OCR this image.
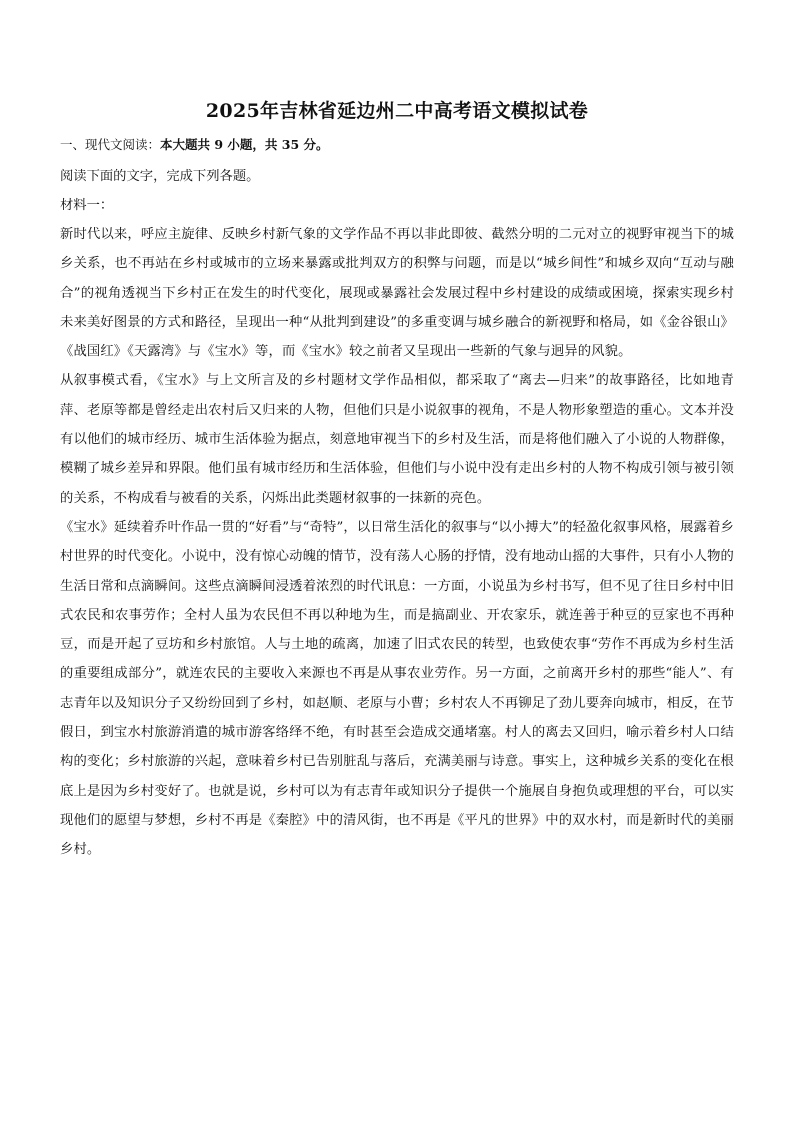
2025年吉林省延边州二中高考语文模拟试卷

一、现代文阅读：本大题共 9 小题，共 35 分。

阅读下面的文字，完成下列各题。

材料一：

新时代以来，呼应主旋律、反映乡村新气象的文学作品不再以非此即彼、截然分明的二元对立的视野审视当下的城乡关系，也不再站在乡村或城市的立场来暴露或批判双方的积弊与问题，而是以“城乡间性”和城乡双向“互动与融合”的视角透视当下乡村正在发生的时代变化，展现或暴露社会发展过程中乡村建设的成绩或困境，探索实现乡村未来美好图景的方式和路径，呈现出一种“从批判到建设”的多重变调与城乡融合的新视野和格局，如《金谷银山》《战国红》《天露湾》与《宝水》等，而《宝水》较之前者又呈现出一些新的气象与迥异的风貌。

从叙事模式看，《宝水》与上文所言及的乡村题材文学作品相似，都采取了“离去—归来”的故事路径，比如地青萍、老原等都是曾经走出农村后又归来的人物，但他们只是小说叙事的视角，不是人物形象塑造的重心。文本并没有以他们的城市经历、城市生活体验为据点，刻意地审视当下的乡村及生活，而是将他们融入了小说的人物群像，模糊了城乡差异和界限。他们虽有城市经历和生活体验，但他们与小说中没有走出乡村的人物不构成引领与被引领的关系，不构成看与被看的关系，闪烁出此类题材叙事的一抹新的亮色。

《宝水》延续着乔叶作品一贯的“好看”与“奇特”，以日常生活化的叙事与“以小搏大”的轻盈化叙事风格，展露着乡村世界的时代变化。小说中，没有惊心动魄的情节，没有荡人心肠的抒情，没有地动山摇的大事件，只有小人物的生活日常和点滴瞬间。这些点滴瞬间浸透着浓烈的时代讯息：一方面，小说虽为乡村书写，但不见了往日乡村中旧式农民和农事劳作；全村人虽为农民但不再以种地为生，而是搞副业、开农家乐，就连善于种豆的豆家也不再种豆，而是开起了豆坊和乡村旅馆。人与土地的疏离，加速了旧式农民的转型，也致使农事“劳作不再成为乡村生活的重要组成部分”，就连农民的主要收入来源也不再是从事农业劳作。另一方面，之前离开乡村的那些“能人”、有志青年以及知识分子又纷纷回到了乡村，如赵顺、老原与小曹；乡村农人不再铆足了劲儿要奔向城市，相反，在节假日，到宝水村旅游消遣的城市游客络绎不绝，有时甚至会造成交通堵塞。村人的离去又回归，喻示着乡村人口结构的变化；乡村旅游的兴起，意味着乡村已告别脏乱与落后，充满美丽与诗意。事实上，这种城乡关系的变化在根底上是因为乡村变好了。也就是说，乡村可以为有志青年或知识分子提供一个施展自身抱负或理想的平台，可以实现他们的愿望与梦想，乡村不再是《秦腔》中的清风街，也不再是《平凡的世界》中的双水村，而是新时代的美丽乡村。
